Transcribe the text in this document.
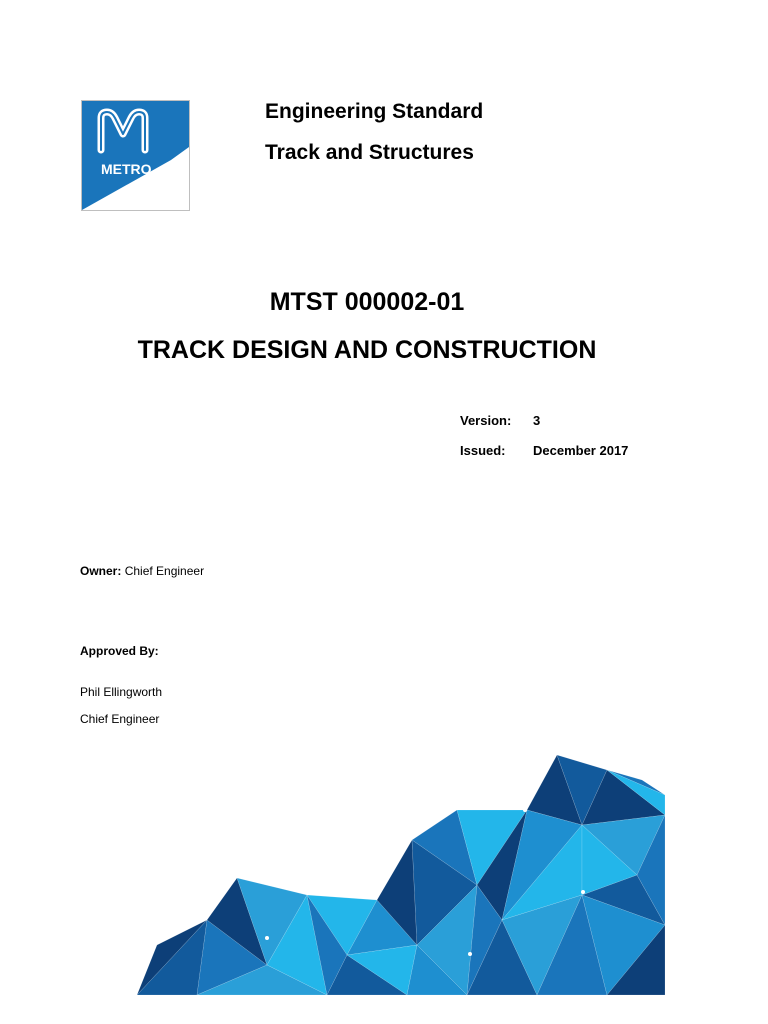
METRO
Engineering Standard
Track and Structures
MTST 000002-01
TRACK DESIGN AND CONSTRUCTION
Version: 3
Issued: December 2017
Owner: Chief Engineer
Approved By:
Phil Ellingworth
Chief Engineer
